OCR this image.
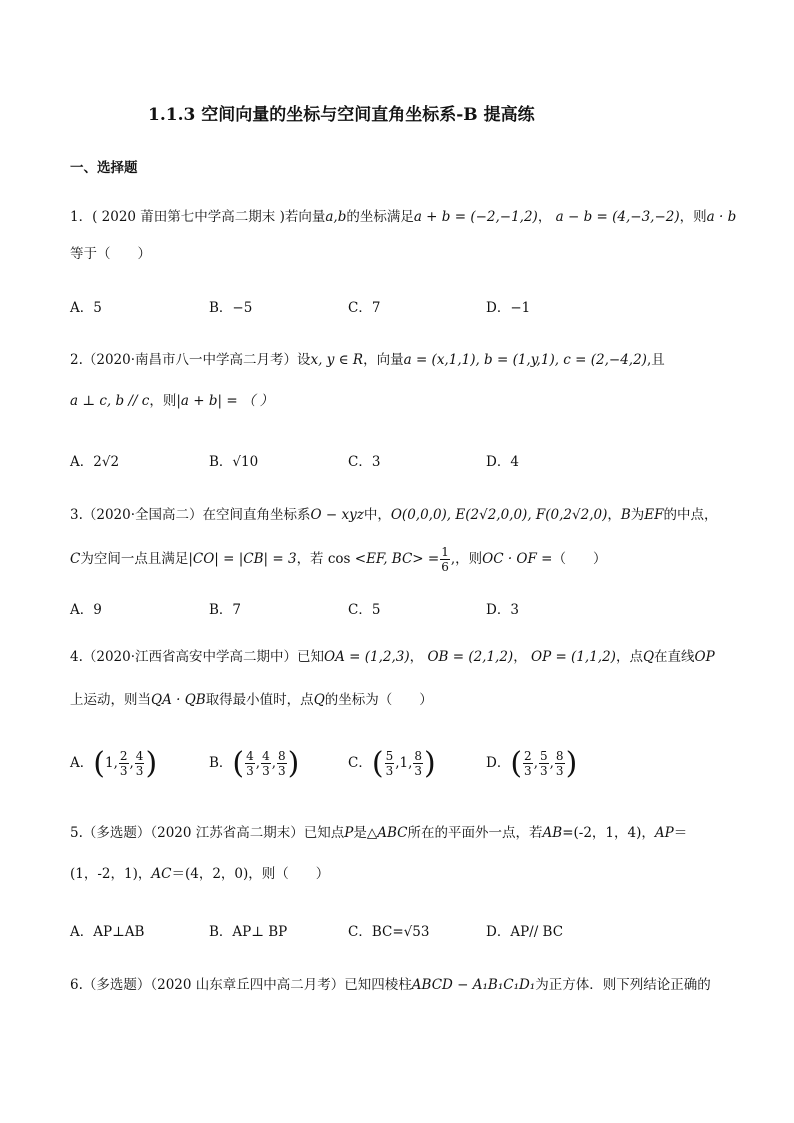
1.1.3 空间向量的坐标与空间直角坐标系-B 提高练
一、选择题
1．( 2020 莆田第七中学高二期末 )若向量a,b的坐标满足a + b = (−2,−1,2)， a − b = (4,−3,−2)，则a · b
等于（　　）
A．5	B．−5	C．7	D．−1
2.（2020·南昌市八一中学高二月考）设x, y ∈ R，向量a = (x,1,1), b = (1,y,1), c = (2,−4,2),且
a ⊥ c, b // c，则|a + b| = （ ）
A．2√2	B．√10	C．3	D．4
3.（2020·全国高二）在空间直角坐标系O − xyz中，O(0,0,0), E(2√2,0,0), F(0,2√2,0)，B为EF的中点，
C为空间一点且满足|CO| = |CB| = 3，若 cos <EF, $BC> = \frac{1}{6}$ ,，则OC · OF =（　　）
A．9	B．7	C．5	D．3
4.（2020·江西省高安中学高二期中）已知OA = (1,2,3)， OB = (2,1,2)， OP = (1,1,2)，点Q在直线OP
上运动，则当QA · QB取得最小值时，点Q的坐标为（　　）
A．(1, $\frac{2}{3}$ , $\frac{4}{3}$ )	B．( $\frac{4}{3}$ , $\frac{4}{3}$ , $\frac{8}{3}$ )	C．( $\frac{5}{3} ,1$, $\frac{8}{3}$ )	D．( $\frac{2}{3}$ , $\frac{5}{3}$ , $\frac{8}{3}$ )
5.（多选题）（2020 江苏省高二期末）已知点P是△ABC所在的平面外一点，若AB=(-2，1，4)，AP＝
(1，-2，1)，AC＝(4，2，0)，则（　　）
A．AP⊥AB	B．AP⊥ BP	C．BC=√53	D．AP// BC
6.（多选题）（2020 山东章丘四中高二月考）已知四棱柱ABCD − A₁B₁C₁D₁为正方体．则下列结论正确的
